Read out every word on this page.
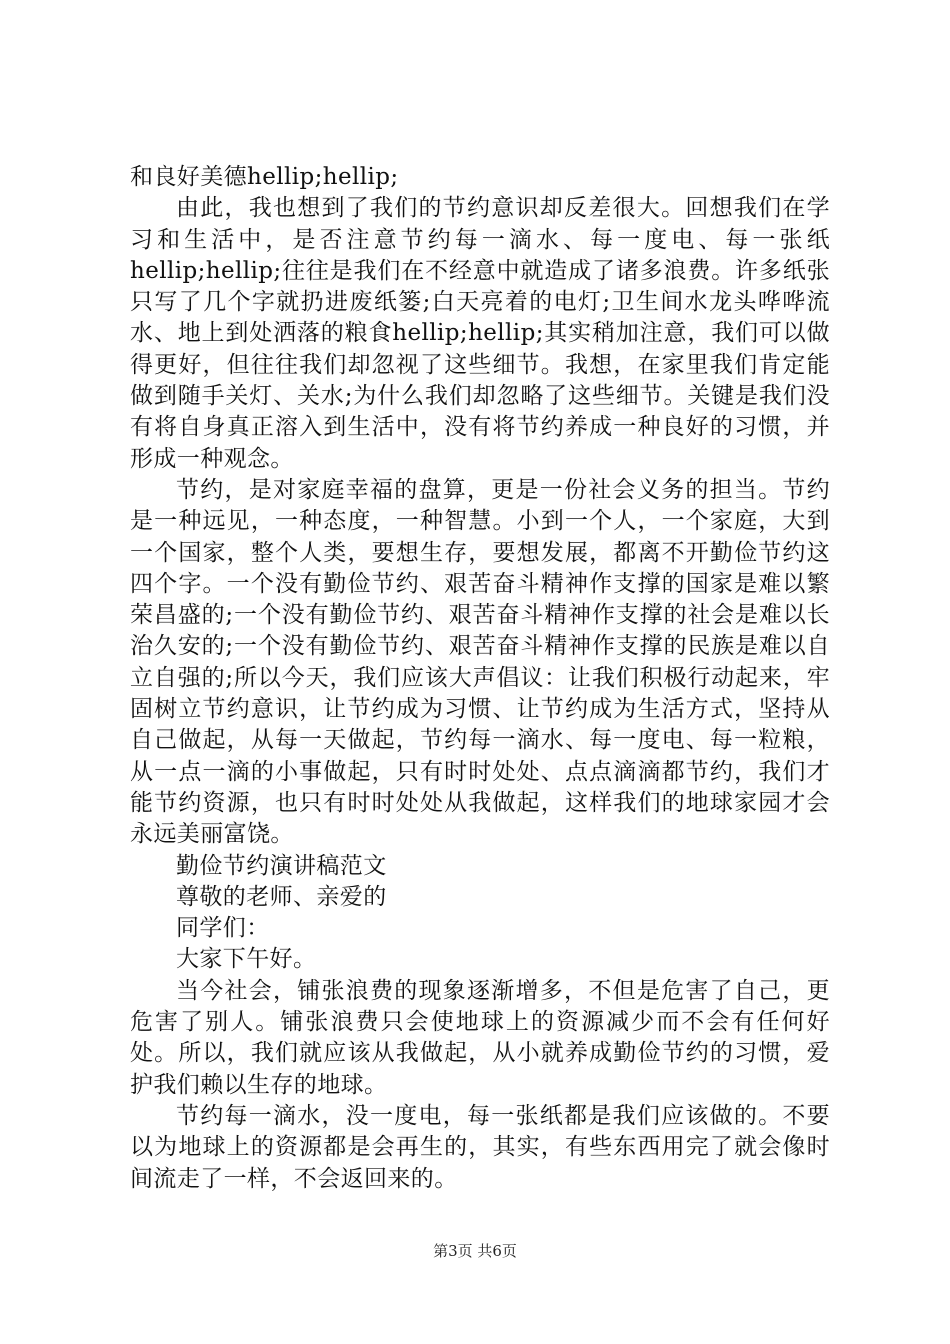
和良好美德hellip;hellip;

由此，我也想到了我们的节约意识却反差很大。回想我们在学习和生活中，是否注意节约每一滴水、每一度电、每一张纸hellip;hellip;往往是我们在不经意中就造成了诸多浪费。许多纸张只写了几个字就扔进废纸篓;白天亮着的电灯;卫生间水龙头哗哗流水、地上到处洒落的粮食hellip;hellip;其实稍加注意，我们可以做得更好，但往往我们却忽视了这些细节。我想，在家里我们肯定能做到随手关灯、关水;为什么我们却忽略了这些细节。关键是我们没有将自身真正溶入到生活中，没有将节约养成一种良好的习惯，并形成一种观念。

节约，是对家庭幸福的盘算，更是一份社会义务的担当。节约是一种远见，一种态度，一种智慧。小到一个人，一个家庭，大到一个国家，整个人类，要想生存，要想发展，都离不开勤俭节约这四个字。一个没有勤俭节约、艰苦奋斗精神作支撑的国家是难以繁荣昌盛的;一个没有勤俭节约、艰苦奋斗精神作支撑的社会是难以长治久安的;一个没有勤俭节约、艰苦奋斗精神作支撑的民族是难以自立自强的;所以今天，我们应该大声倡议：让我们积极行动起来，牢固树立节约意识，让节约成为习惯、让节约成为生活方式，坚持从自己做起，从每一天做起，节约每一滴水、每一度电、每一粒粮，从一点一滴的小事做起，只有时时处处、点点滴滴都节约，我们才能节约资源，也只有时时处处从我做起，这样我们的地球家园才会永远美丽富饶。

勤俭节约演讲稿范文

尊敬的老师、亲爱的

同学们：

大家下午好。

当今社会，铺张浪费的现象逐渐增多，不但是危害了自己，更危害了别人。铺张浪费只会使地球上的资源减少而不会有任何好处。所以，我们就应该从我做起，从小就养成勤俭节约的习惯，爱护我们赖以生存的地球。

节约每一滴水，没一度电，每一张纸都是我们应该做的。不要以为地球上的资源都是会再生的，其实，有些东西用完了就会像时间流走了一样，不会返回来的。

第3页 共6页
